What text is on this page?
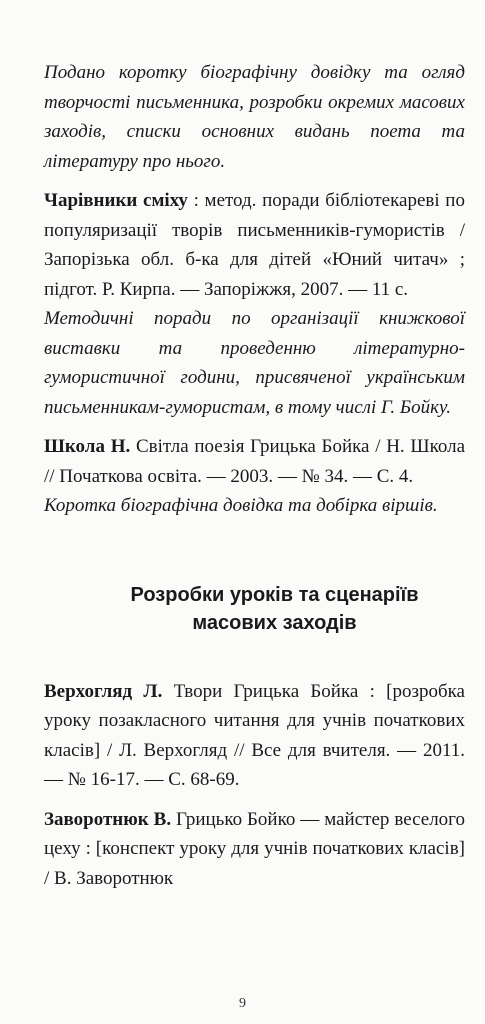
Подано коротку біографічну довідку та огляд творчості письменника, розробки окремих масових заходів, списки основних видань поета та літературу про нього.

Чарівники сміху : метод. поради бібліотекареві по популяризації творів письменників-гумористів / Запорізька обл. б-ка для дітей «Юний читач» ; підгот. Р. Кирпа. — Запоріжжя, 2007. — 11 с.

Методичні поради по організації книжкової виставки та проведенню літературно-гумористичної години, присвяченої українським письменникам-гумористам, в тому числі Г. Бойку.

Школа Н. Світла поезія Грицька Бойка / Н. Школа // Початкова освіта. — 2003. — № 34. — С. 4.

Коротка біографічна довідка та добірка віршів.

Розробки уроків та сценаріїв
масових заходів

Верхогляд Л. Твори Грицька Бойка : [розробка уроку позакласного читання для учнів початкових класів] / Л. Верхогляд // Все для вчителя. — 2011. — № 16-17. — С. 68-69.

Заворотнюк В. Грицько Бойко — майстер веселого цеху : [конспект уроку для учнів початкових класів] / В. Заворотнюк

9
